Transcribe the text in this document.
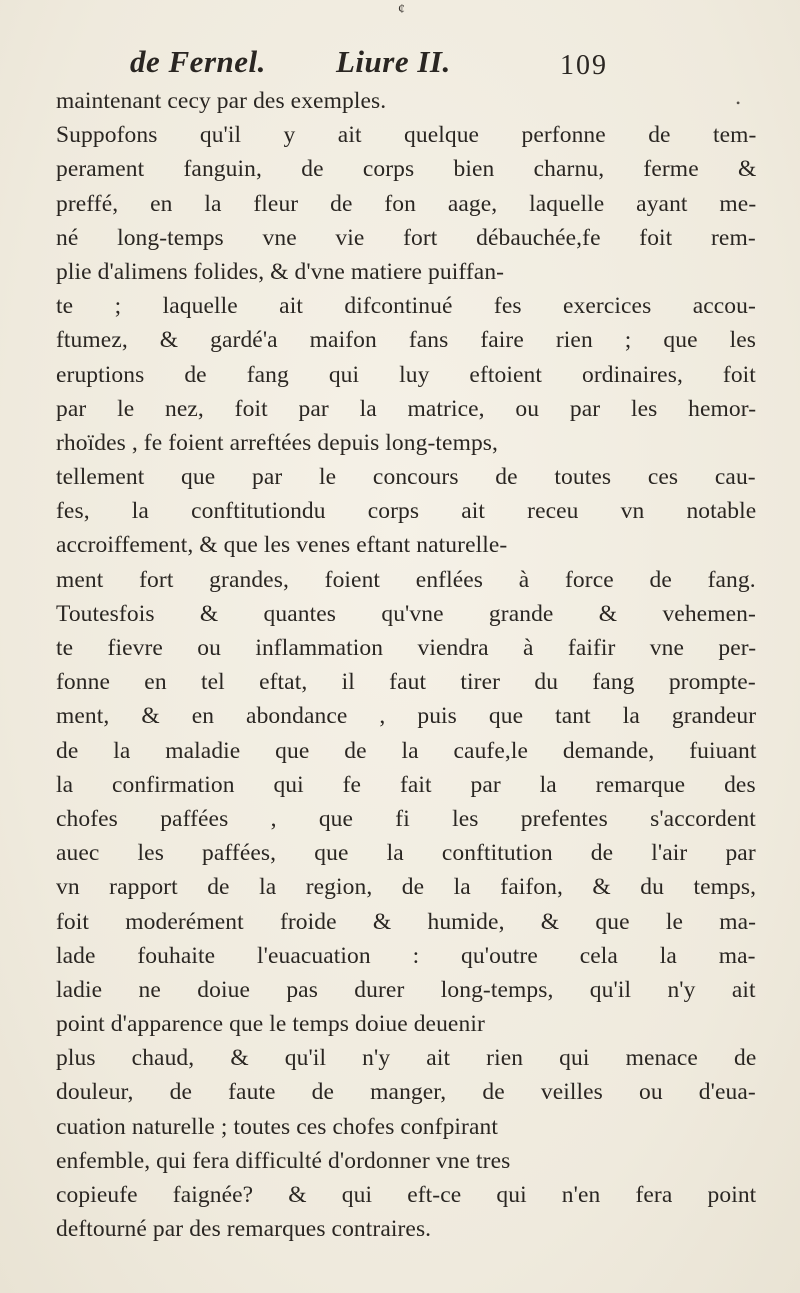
¢
de Fernel. Liure II.	109
•
maintenant cecy par des exemples.
Suppofons qu'il y ait quelque perfonne de tem-
perament fanguin, de corps bien charnu, ferme &
preffé, en la fleur de fon aage, laquelle ayant me-
né long-temps vne vie fort débauchée,fe foit rem-
plie d'alimens folides, & d'vne matiere puiffan-
te ; laquelle ait difcontinué fes exercices accou-
ftumez, & gardé'a maifon fans faire rien ; que les
eruptions de fang qui luy eftoient ordinaires, foit
par le nez, foit par la matrice, ou par les hemor-
rhoïdes , fe foient arreftées depuis long-temps,
tellement que par le concours de toutes ces cau-
fes, la conftitutiondu corps ait receu vn notable
accroiffement, & que les venes eftant naturelle-
ment fort grandes, foient enflées à force de fang.
Toutesfois & quantes qu'vne grande & vehemen-
te fievre ou inflammation viendra à faifir vne per-
fonne en tel eftat, il faut tirer du fang prompte-
ment, & en abondance , puis que tant la grandeur
de la maladie que de la caufe,le demande, fuiuant
la confirmation qui fe fait par la remarque des
chofes paffées , que fi les prefentes s'accordent
auec les paffées, que la conftitution de l'air par
vn rapport de la region, de la faifon, & du temps,
foit moderément froide & humide, & que le ma-
lade fouhaite l'euacuation : qu'outre cela la ma-
ladie ne doiue pas durer long-temps, qu'il n'y ait
point d'apparence que le temps doiue deuenir
plus chaud, & qu'il n'y ait rien qui menace de
douleur, de faute de manger, de veilles ou d'eua-
cuation naturelle ; toutes ces chofes confpirant
enfemble, qui fera difficulté d'ordonner vne tres
copieufe faignée? & qui eft-ce qui n'en fera point
deftourné par des remarques contraires.
